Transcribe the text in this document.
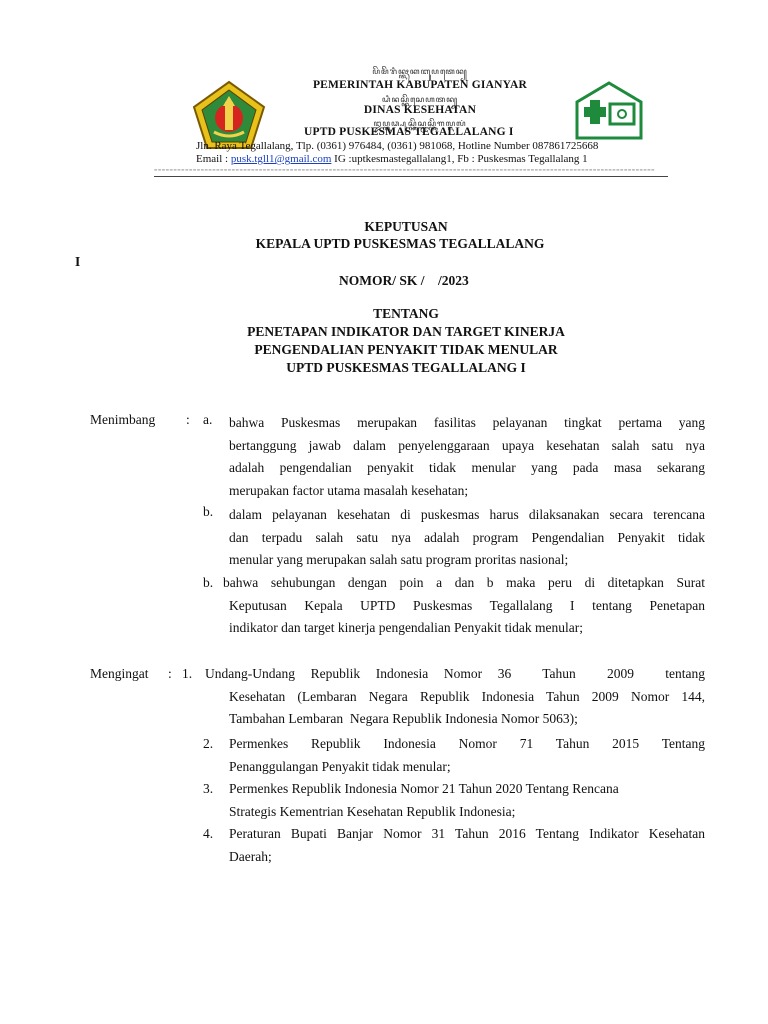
ꦥꦼꦩꦼꦫꦶꦤ꧀ꦠꦃꦏꦧꦸꦥꦠꦺꦤ꧀
PEMERINTAH KABUPATEN GIANYAR
ꦝꦶꦤꦱ꧀ꦏꦼꦱꦺꦲꦠꦤ꧀
DINAS KESEHATAN
ꦈꦥ꧀ꦠꦣ꧀ꦥꦸꦱ꧀ꦏꦼꦱ꧀ꦩꦱ꧀ꦠꦼꦒꦭ꧀ꦭꦭꦁ
UPTD PUSKESMAS TEGALLALANG I
Jln. Raya Tegallalang, Tlp. (0361) 976484, (0361) 981068, Hotline Number 08786172566​8
Email : pusk.tgll1@gmail.com IG :uptkesmastegallalang1, Fb : Puskesmas Tegallalang 1
=================================================================================================================================
KEPUTUSAN
KEPALA UPTD PUSKESMAS TEGALLALANG
I
NOMOR/ SK /    /2023
TENTANG
PENETAPAN INDIKATOR DAN TARGET KINERJA
PENGENDALIAN PENYAKIT TIDAK MENULAR
UPTD PUSKESMAS TEGALLALANG I
Menimbang : a. bahwa Puskesmas merupakan fasilitas pelayanan tingkat pertama yang
bertanggung jawab dalam penyelenggaraan upaya kesehatan salah satu nya
adalah pengendalian penyakit tidak menular yang pada masa sekarang
merupakan factor utama masalah kesehatan;
b. dalam pelayanan kesehatan di puskesmas harus dilaksanakan secara terencana
dan terpadu salah satu nya adalah program Pengendalian Penyakit tidak
menular yang merupakan salah satu program proritas nasional;
b. bahwa sehubungan dengan poin a dan b maka peru di ditetapkan Surat
Keputusan Kepala UPTD Puskesmas Tegallalang I tentang Penetapan
indikator dan target kinerja pengendalian Penyakit tidak menular;
Mengingat : 1. Undang-Undang Republik Indonesia Nomor 36  Tahun  2009  tentang
Kesehatan (Lembaran Negara Republik Indonesia Tahun 2009 Nomor 144,
Tambahan Lembaran  Negara Republik Indonesia Nomor 5063);
2. Permenkes Republik Indonesia Nomor 71 Tahun 2015 Tentang
Penanggulangan Penyakit tidak menular;
3. Permenkes Republik Indonesia Nomor 21 Tahun 2020 Tentang Rencana
Strategis Kementrian Kesehatan Republik Indonesia;
4. Peraturan Bupati Banjar Nomor 31 Tahun 2016 Tentang Indikator Kesehatan
Daerah;
